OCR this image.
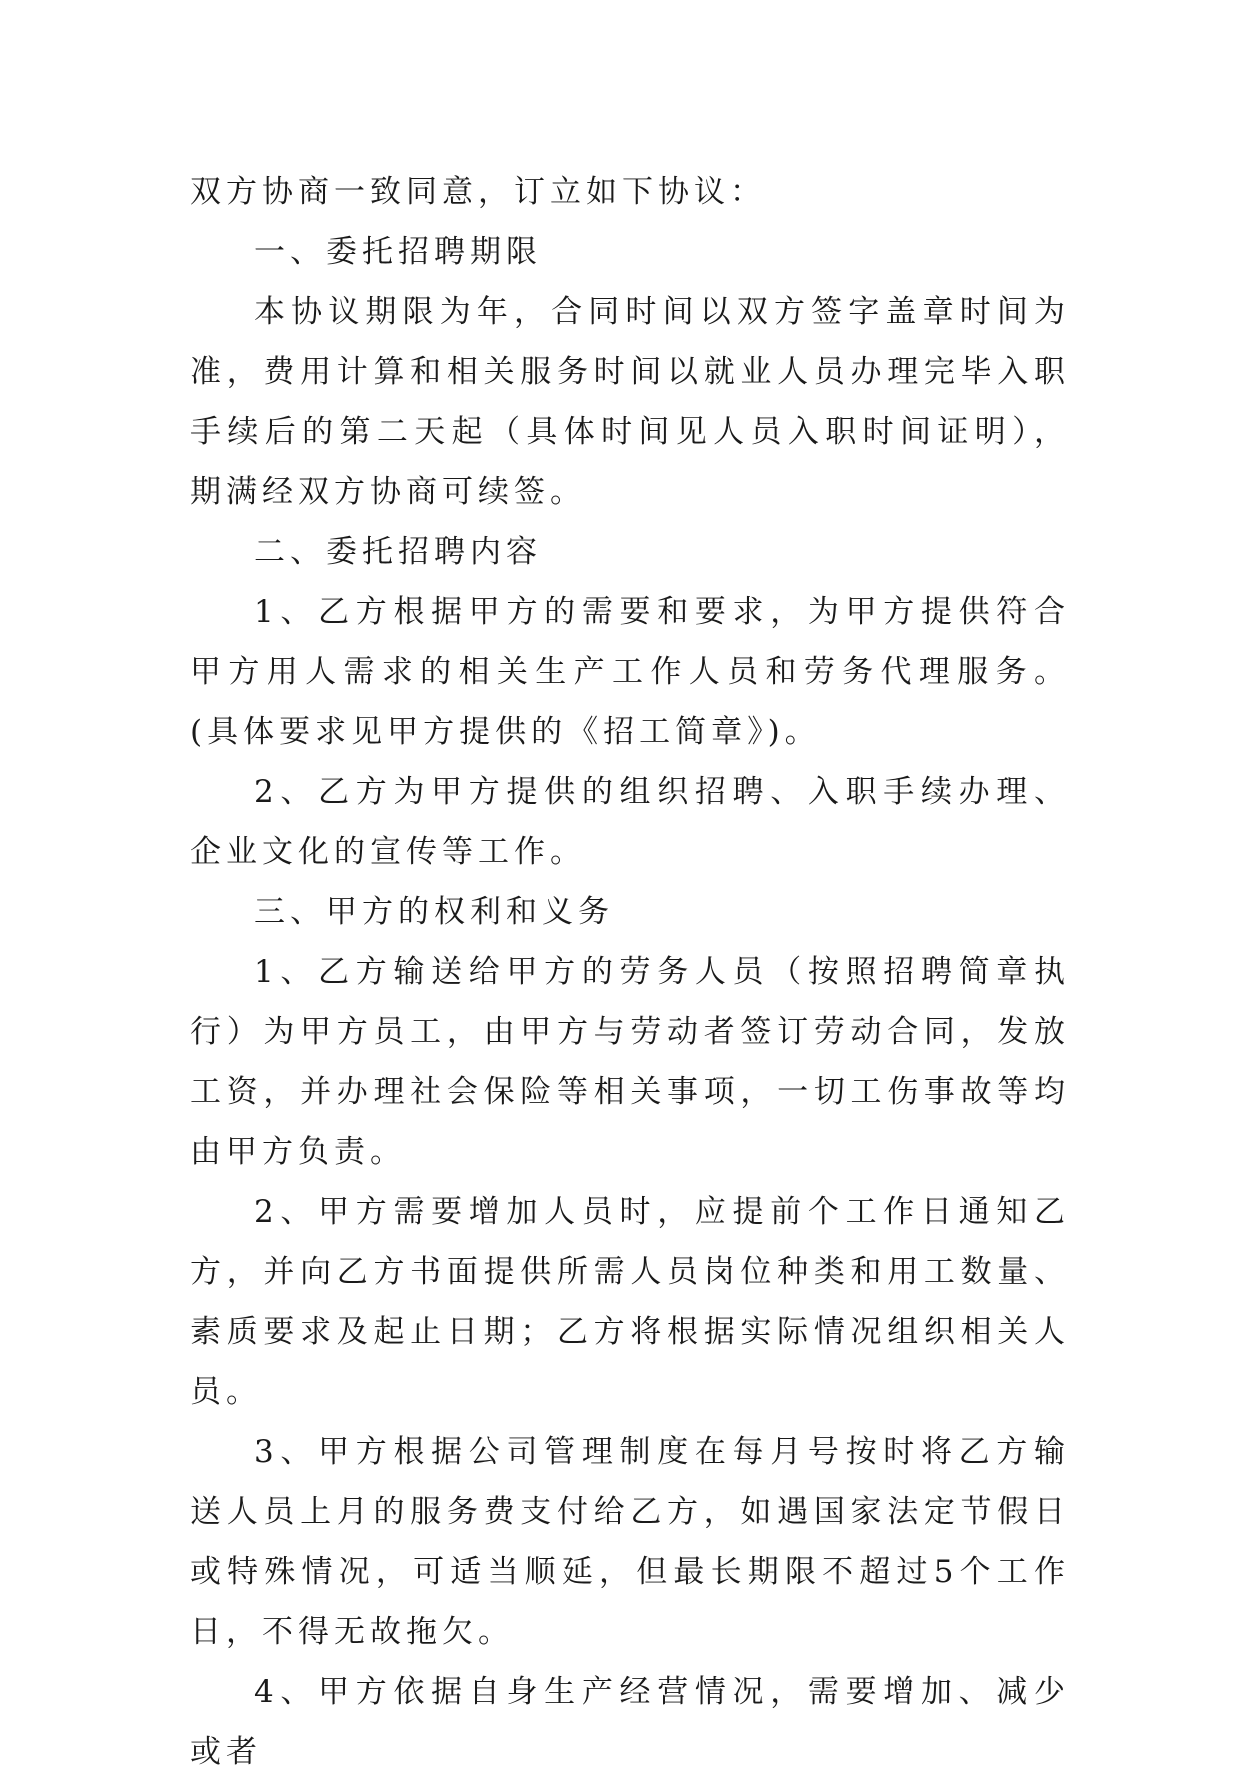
双方协商一致同意，订立如下协议：

一、委托招聘期限

本协议期限为年，合同时间以双方签字盖章时间为准，费用计算和相关服务时间以就业人员办理完毕入职手续后的第二天起（具体时间见人员入职时间证明），期满经双方协商可续签。

二、委托招聘内容

1、乙方根据甲方的需要和要求，为甲方提供符合甲方用人需求的相关生产工作人员和劳务代理服务。(具体要求见甲方提供的《招工简章》)。

2、乙方为甲方提供的组织招聘、入职手续办理、企业文化的宣传等工作。

三、甲方的权利和义务

1、乙方输送给甲方的劳务人员（按照招聘简章执行）为甲方员工，由甲方与劳动者签订劳动合同，发放工资，并办理社会保险等相关事项，一切工伤事故等均由甲方负责。

2、甲方需要增加人员时，应提前个工作日通知乙方，并向乙方书面提供所需人员岗位种类和用工数量、素质要求及起止日期；乙方将根据实际情况组织相关人员。

3、甲方根据公司管理制度在每月号按时将乙方输送人员上月的服务费支付给乙方，如遇国家法定节假日或特殊情况，可适当顺延，但最长期限不超过5个工作日，不得无故拖欠。

4、甲方依据自身生产经营情况，需要增加、减少或者
